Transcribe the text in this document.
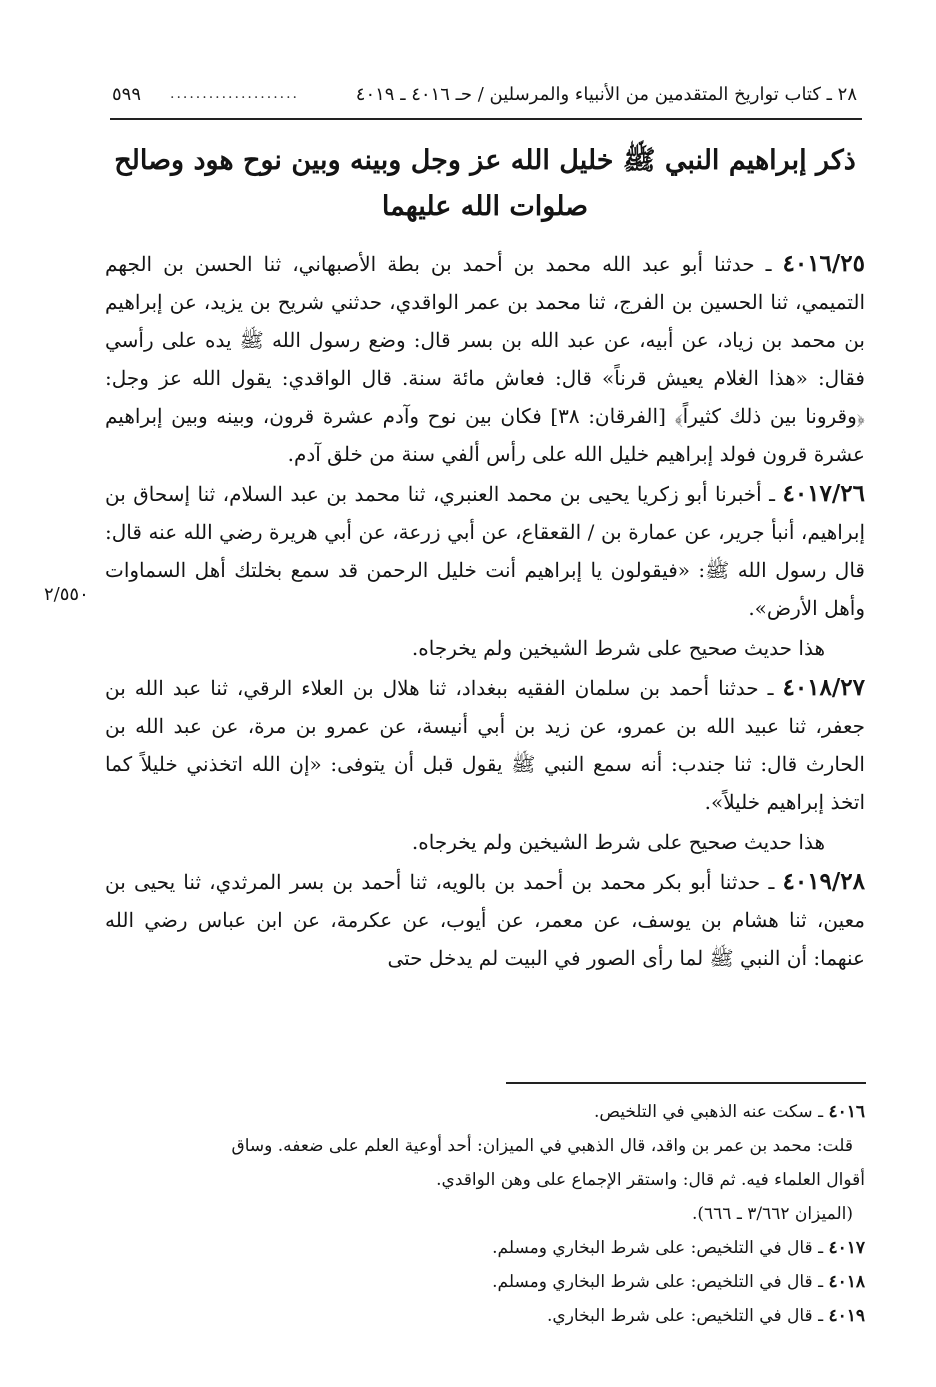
٢٨ ـ كتاب تواريخ المتقدمين من الأنبياء والمرسلين / حـ ٤٠١٦ ـ ٤٠١٩
....................
٥٩٩
ذكر إبراهيم النبي ﷺ خليل الله عز وجل وبينه وبين نوح هود وصالح
صلوات الله عليهما
٢/٥٥٠

٤٠١٦/٢٥ ـ حدثنا أبو عبد الله محمد بن أحمد بن بطة الأصبهاني، ثنا الحسن بن الجهم التميمي، ثنا الحسين بن الفرج، ثنا محمد بن عمر الواقدي، حدثني شريح بن يزيد، عن إبراهيم بن محمد بن زياد، عن أبيه، عن عبد الله بن بسر قال: وضع رسول الله ﷺ يده على رأسي فقال: «هذا الغلام يعيش قرناً» قال: فعاش مائة سنة. قال الواقدي: يقول الله عز وجل: ﴿وقرونا بين ذلك كثيراً﴾ [الفرقان: ٣٨] فكان بين نوح وآدم عشرة قرون، وبينه وبين إبراهيم عشرة قرون فولد إبراهيم خليل الله على رأس ألفي سنة من خلق آدم.

٤٠١٧/٢٦ ـ أخبرنا أبو زكريا يحيى بن محمد العنبري، ثنا محمد بن عبد السلام، ثنا إسحاق بن إبراهيم، أنبأ جرير، عن عمارة بن / القعقاع، عن أبي زرعة، عن أبي هريرة رضي الله عنه قال: قال رسول الله ﷺ: «فيقولون يا إبراهيم أنت خليل الرحمن قد سمع بخلتك أهل السماوات وأهل الأرض».

هذا حديث صحيح على شرط الشيخين ولم يخرجاه.

٤٠١٨/٢٧ ـ حدثنا أحمد بن سلمان الفقيه ببغداد، ثنا هلال بن العلاء الرقي، ثنا عبد الله بن جعفر، ثنا عبيد الله بن عمرو، عن زيد بن أبي أنيسة، عن عمرو بن مرة، عن عبد الله بن الحارث قال: ثنا جندب: أنه سمع النبي ﷺ يقول قبل أن يتوفى: «إن الله اتخذني خليلاً كما اتخذ إبراهيم خليلاً».

هذا حديث صحيح على شرط الشيخين ولم يخرجاه.

٤٠١٩/٢٨ ـ حدثنا أبو بكر محمد بن أحمد بن بالويه، ثنا أحمد بن بسر المرثدي، ثنا يحيى بن معين، ثنا هشام بن يوسف، عن معمر، عن أيوب، عن عكرمة، عن ابن عباس رضي الله عنهما: أن النبي ﷺ لما رأى الصور في البيت لم يدخل حتى

٤٠١٦ ـ سكت عنه الذهبي في التلخيص.
قلت: محمد بن عمر بن واقد، قال الذهبي في الميزان: أحد أوعية العلم على ضعفه. وساق
أقوال العلماء فيه. ثم قال: واستقر الإجماع على وهن الواقدي.
(الميزان ٣/٦٦٢ ـ ٦٦٦).
٤٠١٧ ـ قال في التلخيص: على شرط البخاري ومسلم.
٤٠١٨ ـ قال في التلخيص: على شرط البخاري ومسلم.
٤٠١٩ ـ قال في التلخيص: على شرط البخاري.
